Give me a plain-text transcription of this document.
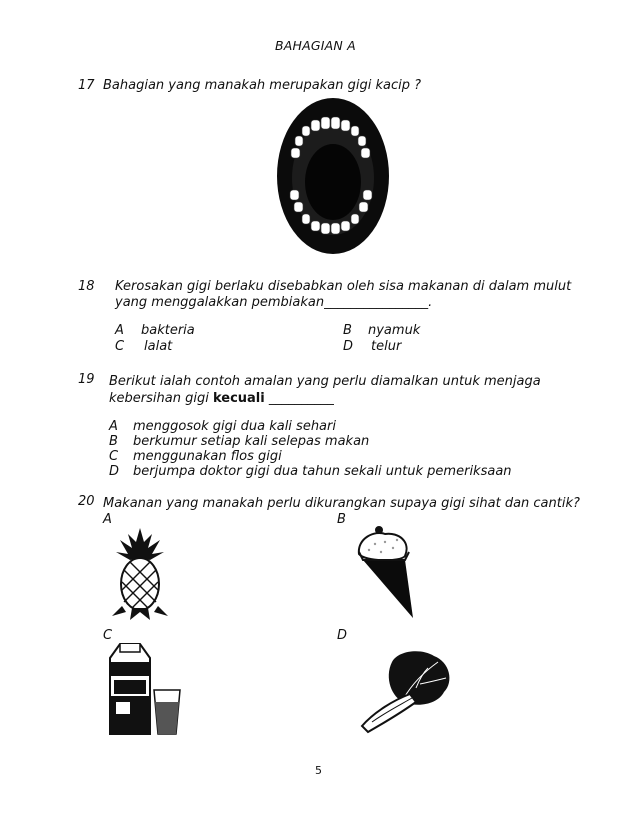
BAHAGIAN A
17 Bahagian yang manakah merupakan gigi kacip ?
18 Kerosakan gigi berlaku disebabkan oleh sisa makanan di dalam mulut
yang menggalakkan pembiakan________________.
A bakteria	B nyamuk
C lalat	D telur
19 Berikut ialah contoh amalan yang perlu diamalkan untuk menjaga
kebersihan gigi kecuali __________
A menggosok gigi dua kali sehari
B berkumur setiap kali selepas makan
C menggunakan flos gigi
D berjumpa doktor gigi dua tahun sekali untuk pemeriksaan
20 Makanan yang manakah perlu dikurangkan supaya gigi sihat dan cantik?
A	B
C	D
5
